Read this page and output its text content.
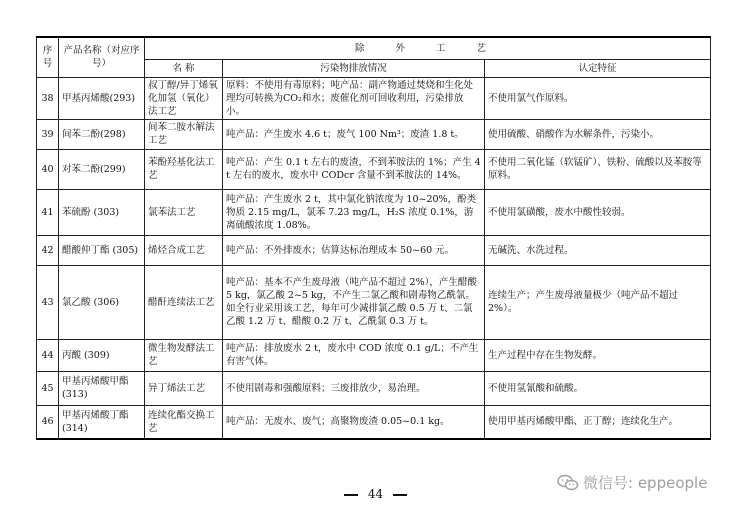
序号	产品名称（对应序号）	除 外 工 艺		
		名 称	污染物排放情况	认定特征
38	甲基丙烯酸(293)	叔丁醇/异丁烯氧化加氢（氧化）法工艺	原料：不使用有毒原料；吨产品：副产物通过焚烧和生化处理均可转换为CO₂和水；废催化剂可回收利用，污染排放小。	不使用氯气作原料。
39	间苯二酚(298)	间苯二胺水解法工艺	吨产品：产生废水 4.6 t；废气 100 Nm³；废渣 1.8 t。	使用硫酸、硝酸作为水解条件，污染小。
40	对苯二酚(299)	苯酚羟基化法工艺	吨产品：产生 0.1 t 左右的废渣，不到苯胺法的 1%；产生 4 t 左右的废水，废水中 CODcr 含量不到苯胺法的 14%。	不使用二氧化锰（软锰矿）、铁粉、硫酸以及苯胺等原料。
41	苯硫酚 (303)	氯苯法工艺	吨产品：产生废水 2 t，其中氯化钠浓度为 10~20%，酚类物质 2.15 mg/L，氯苯 7.23 mg/L，H₂S 浓度 0.1%，游离硫酸浓度 1.08%。	不使用氯磺酸，废水中酸性较弱。
42	醋酸仲丁酯 (305)	烯烃合成工艺	吨产品：不外排废水；估算达标治理成本 50~60 元。	无碱洗、水洗过程。
43	氯乙酸 (306)	醋酐连续法工艺	吨产品：基本不产生废母液（吨产品不超过 2%），产生醋酸 5 kg，氯乙酸 2~5 kg，不产生二氯乙酸和剧毒物乙酰氯。如全行业采用该工艺，每年可少减排氯乙酸 0.5 万 t、二氯乙酸 1.2 万 t、醋酸 0.2 万 t、乙酰氯 0.3 万 t。	连续生产；产生废母液量极少（吨产品不超过 2%）。
44	丙酸 (309)	微生物发酵法工艺	吨产品：排放废水 2 t，废水中 COD 浓度 0.1 g/L；不产生有害气体。	生产过程中存在生物发酵。
45	甲基丙烯酸甲酯 (313)	异丁烯法工艺	不使用剧毒和强酸原料；三废排放少，易治理。	不使用氢氰酸和硫酸。
46	甲基丙烯酸丁酯 (314)	连续化酯交换工艺	吨产品：无废水、废气；高聚物废渣 0.05~0.1 kg。	使用甲基丙烯酸甲酯、正丁醇；连续化生产。
44
微信号: eppeople
